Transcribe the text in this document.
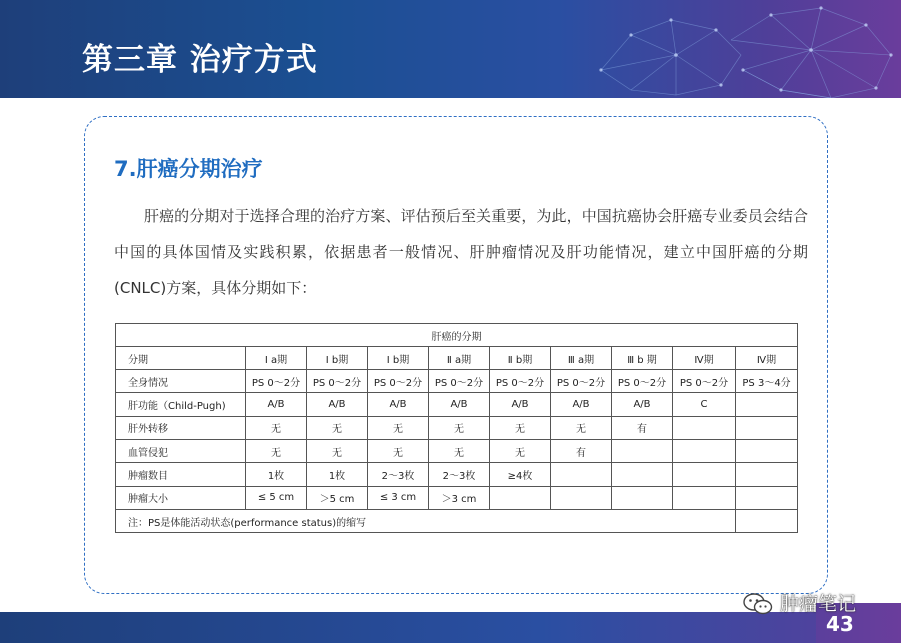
第三章 治疗方式
7.肝癌分期治疗

肝癌的分期对于选择合理的治疗方案、评估预后至关重要，为此，中国抗癌协会肝癌专业委员会结合中国的具体国情及实践积累，依据患者一般情况、肝肿瘤情况及肝功能情况，建立中国肝癌的分期(CNLC)方案，具体分期如下：

肝癌的分期									
分期	Ⅰ a期	Ⅰ b期	Ⅰ b期	Ⅱ a期	Ⅱ b期	Ⅲ a期	Ⅲ b 期	Ⅳ期	Ⅳ期
全身情况	PS 0～2分	PS 0～2分	PS 0～2分	PS 0～2分	PS 0～2分	PS 0～2分	PS 0～2分	PS 0～2分	PS 3～4分
肝功能（Child-Pugh)	A/B	A/B	A/B	A/B	A/B	A/B	A/B	C	
肝外转移	无	无	无	无	无	无	有		
血管侵犯	无	无	无	无	无	有			
肿瘤数目	1枚	1枚	2～3枚	2～3枚	≥4枚				
肿瘤大小	≤ 5 cm	＞5 cm	≤ 3 cm	＞3 cm					
注：PS是体能活动状态(performance status)的缩写									
43
肿瘤笔记
